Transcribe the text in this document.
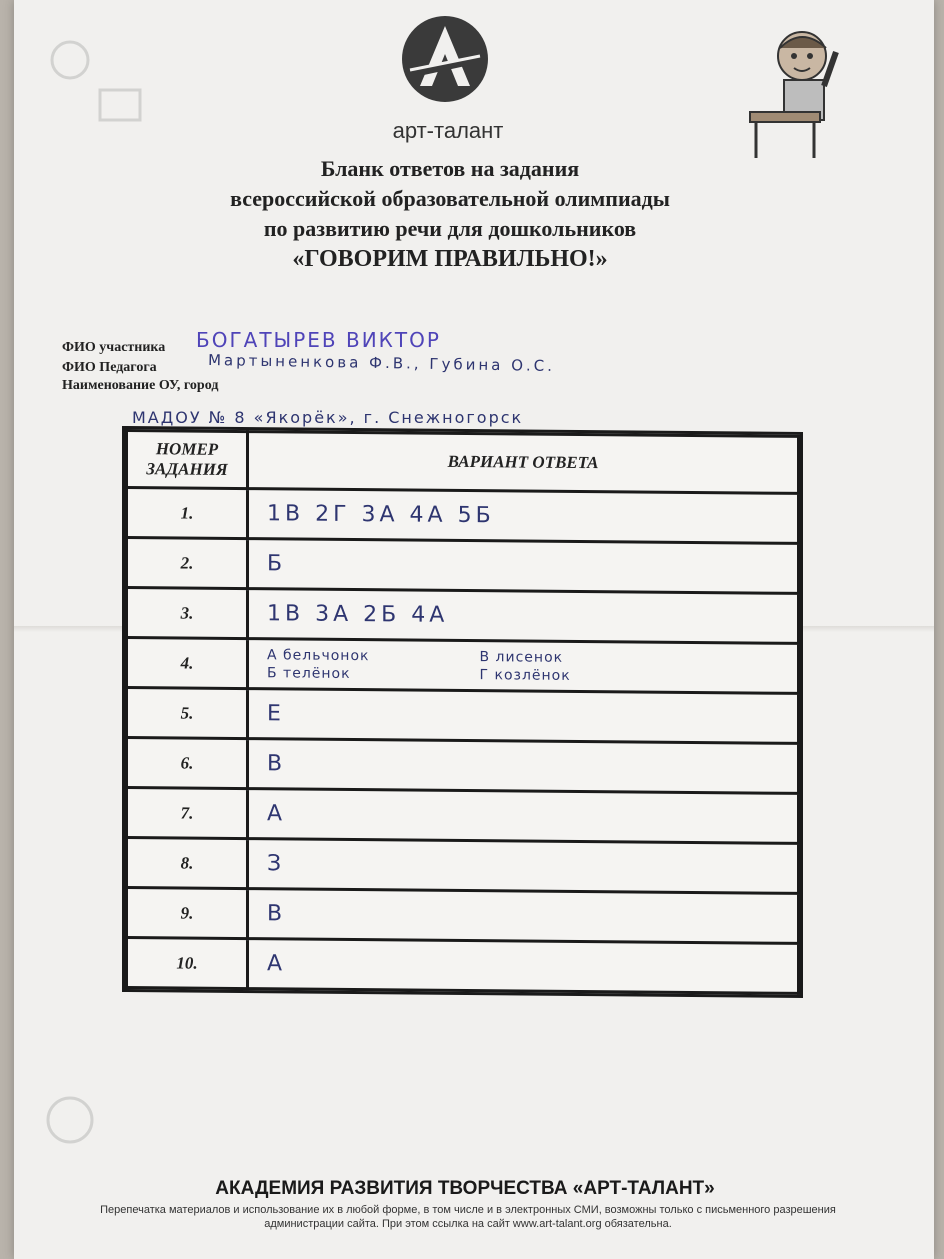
арт-талант
Бланк ответов на задания
всероссийской образовательной олимпиады
по развитию речи для дошкольников
«ГОВОРИМ ПРАВИЛЬНО!»
ФИО участника БОГАТЫРЕВ ВИКТОР
ФИО Педагога	Мартыненкова Ф.В., Губина О.С.
Наименование ОУ, город
МАДОУ № 8 «Якорёк», г. Снежногорск
НОМЕР ЗАДАНИЯ	ВАРИАНТ ОТВЕТА
1.	1В 2Г 3А 4А 5Б
2.	Б
3.	1В 3А 2Б 4А
4.	А бельчонок
Б телёнок
В лисенок
Г козлёнок

5.	Е
6.	В
7.	А
8.	З
9.	В
10.	А
АКАДЕМИЯ РАЗВИТИЯ ТВОРЧЕСТВА «АРТ-ТАЛАНТ»
Перепечатка материалов и использование их в любой форме, в том числе и в электронных СМИ, возможны только с письменного разрешения администрации сайта. При этом ссылка на сайт www.art-talant.org обязательна.
